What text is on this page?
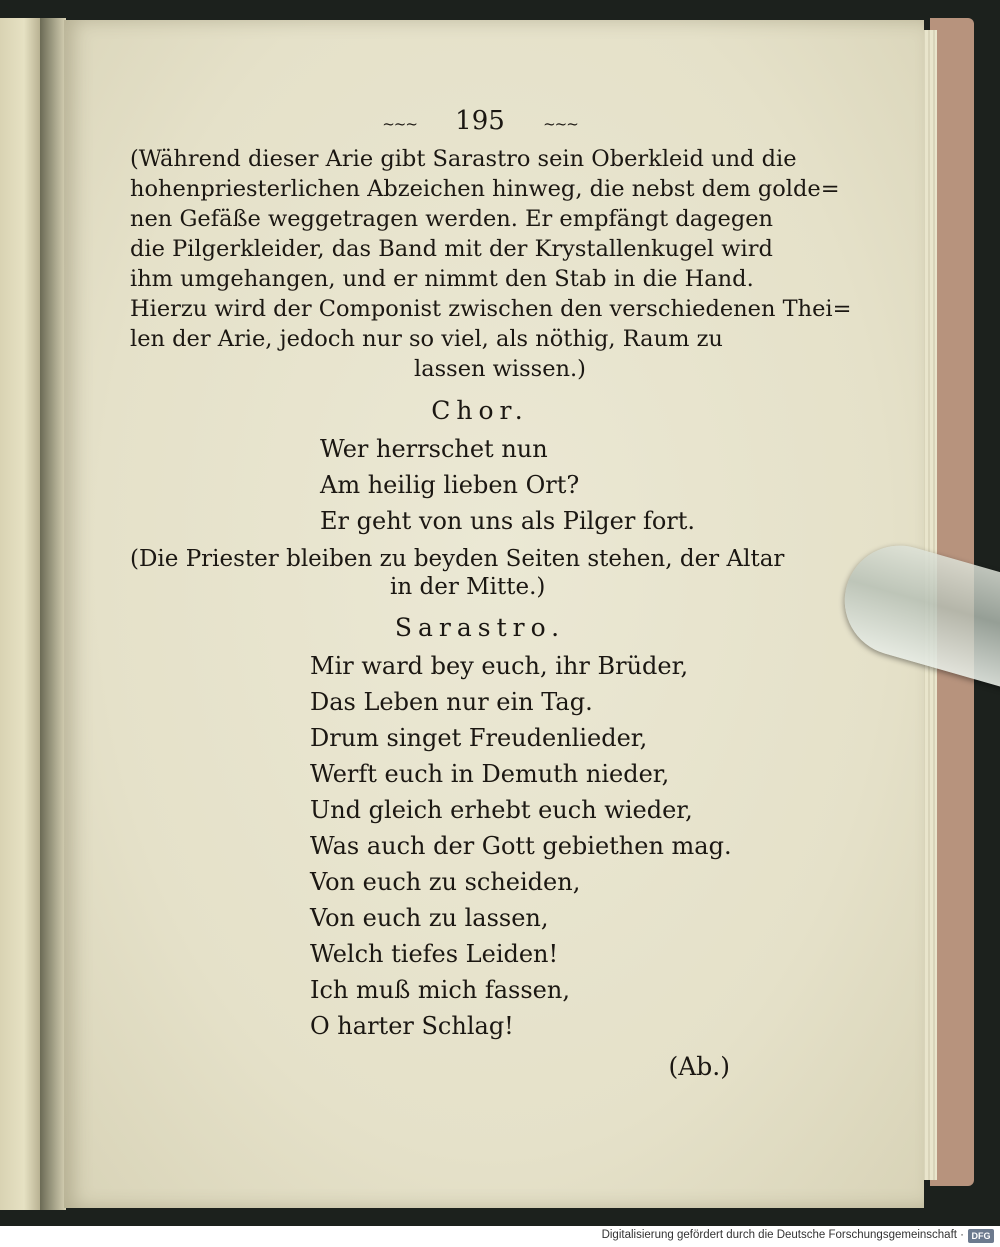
~~~ 195	~~~
(Während dieser Arie gibt Sarastro sein Oberkleid und die
hohenpriesterlichen Abzeichen hinweg, die nebst dem golde=
nen Gefäße weggetragen werden. Er empfängt dagegen
die Pilgerkleider, das Band mit der Krystallenkugel wird
ihm umgehangen, und er nimmt den Stab in die Hand.
Hierzu wird der Componist zwischen den verschiedenen Thei=
len der Arie, jedoch nur so viel, als nöthig, Raum zu
lassen wissen.)
Chor.
Wer herrschet nun
Am heilig lieben Ort?
Er geht von uns als Pilger fort.
(Die Priester bleiben zu beyden Seiten stehen, der Altar
in der Mitte.)
Sarastro.
Mir ward bey euch, ihr Brüder,
Das Leben nur ein Tag.
Drum singet Freudenlieder,
Werft euch in Demuth nieder,
Und gleich erhebt euch wieder,
Was auch der Gott gebiethen mag.
Von euch zu scheiden,
Von euch zu lassen,
Welch tiefes Leiden!
Ich muß mich fassen,
O harter Schlag!
(Ab.)
Digitalisierung gefördert durch die Deutsche Forschungsgemeinschaft · DFG
